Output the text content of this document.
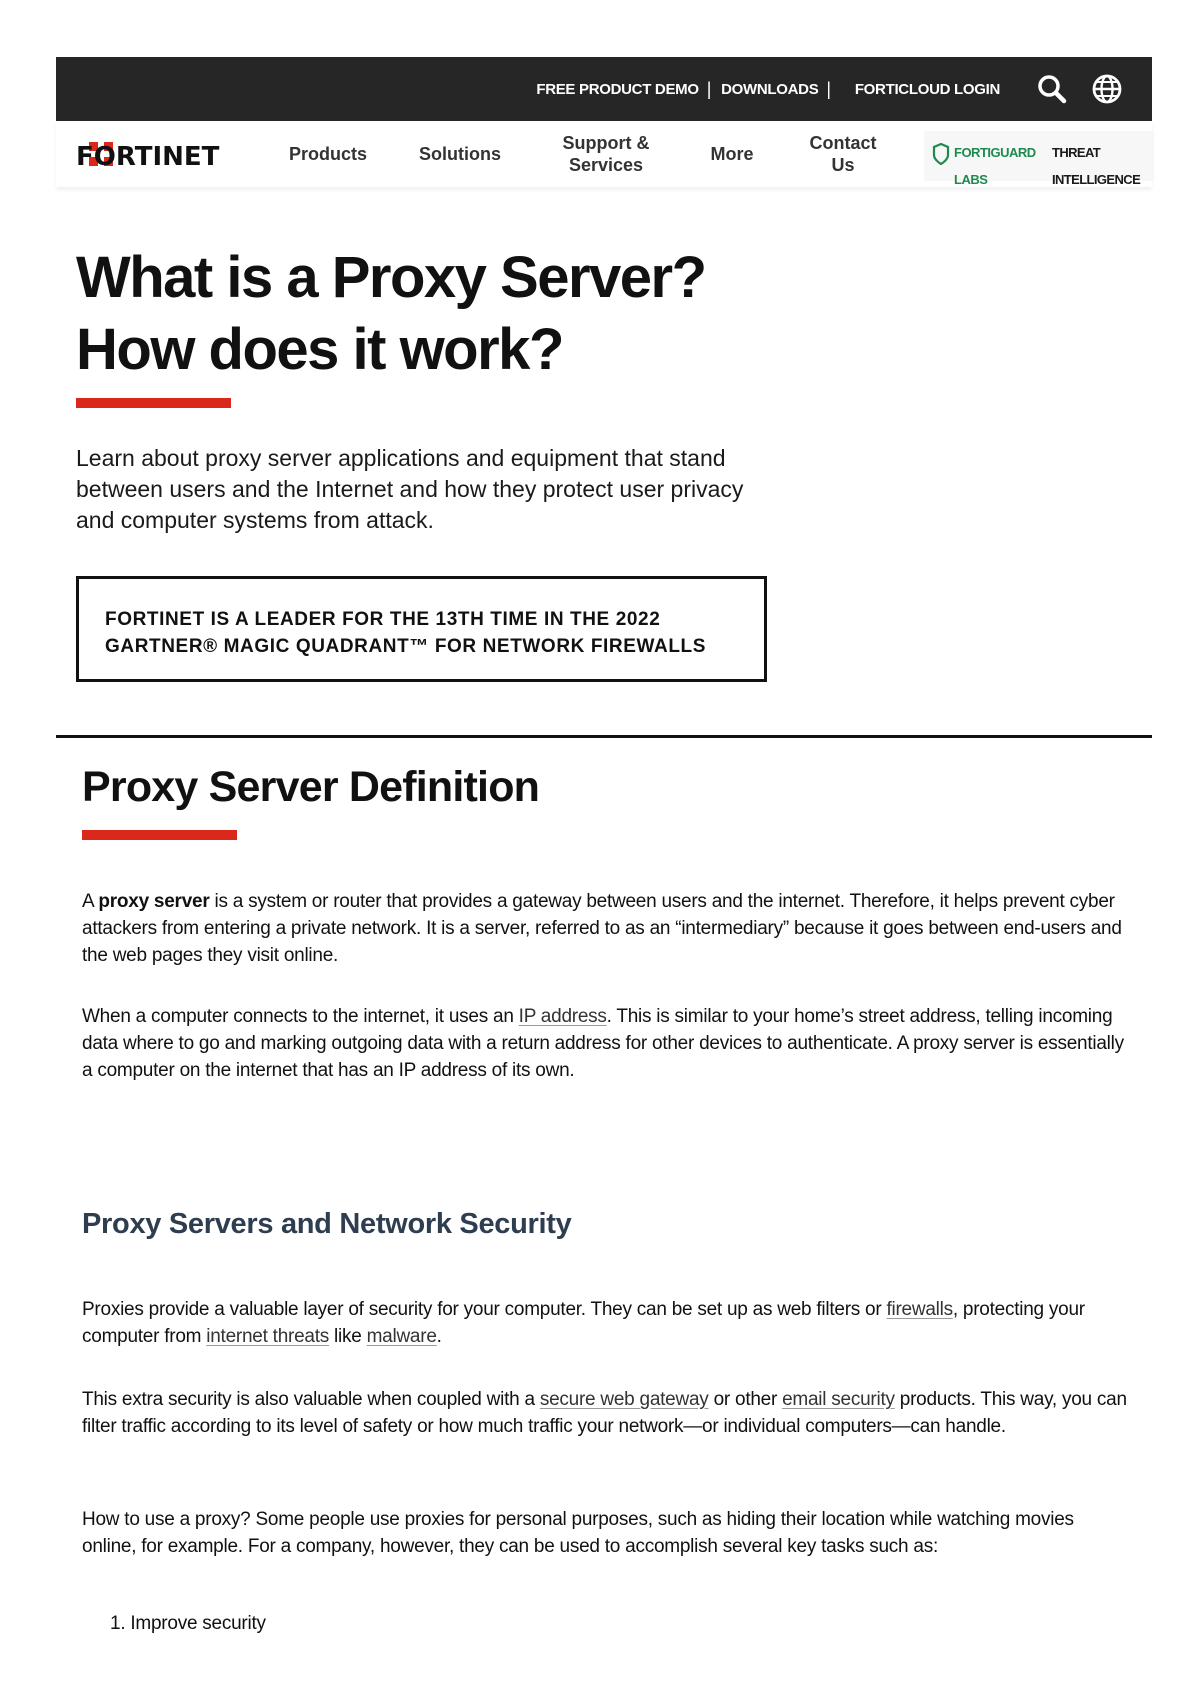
FREE PRODUCT DEMO | DOWNLOADS | FORTICLOUD LOGIN
FORTINET	Products	Solutions
Support & Services
More
Contact Us
FORTIGUARD LABS
THREAT INTELLIGENCE
What is a Proxy Server? How does it work?

Learn about proxy server applications and equipment that stand between users and the Internet and how they protect user privacy and computer systems from attack.

FORTINET IS A LEADER FOR THE 13TH TIME IN THE 2022 GARTNER® MAGIC QUADRANT™ FOR NETWORK FIREWALLS
Proxy Server Definition

A proxy server is a system or router that provides a gateway between users and the internet. Therefore, it helps prevent cyber attackers from entering a private network. It is a server, referred to as an “intermediary” because it goes between end-users and the web pages they visit online.

When a computer connects to the internet, it uses an IP address. This is similar to your home’s street address, telling incoming data where to go and marking outgoing data with a return address for other devices to authenticate. A proxy server is essentially a computer on the internet that has an IP address of its own.

Proxy Servers and Network Security

Proxies provide a valuable layer of security for your computer. They can be set up as web filters or firewalls, protecting your computer from internet threats like malware.

This extra security is also valuable when coupled with a secure web gateway or other email security products. This way, you can filter traffic according to its level of safety or how much traffic your network—or individual computers—can handle.

How to use a proxy? Some people use proxies for personal purposes, such as hiding their location while watching movies online, for example. For a company, however, they can be used to accomplish several key tasks such as:

1. Improve security
